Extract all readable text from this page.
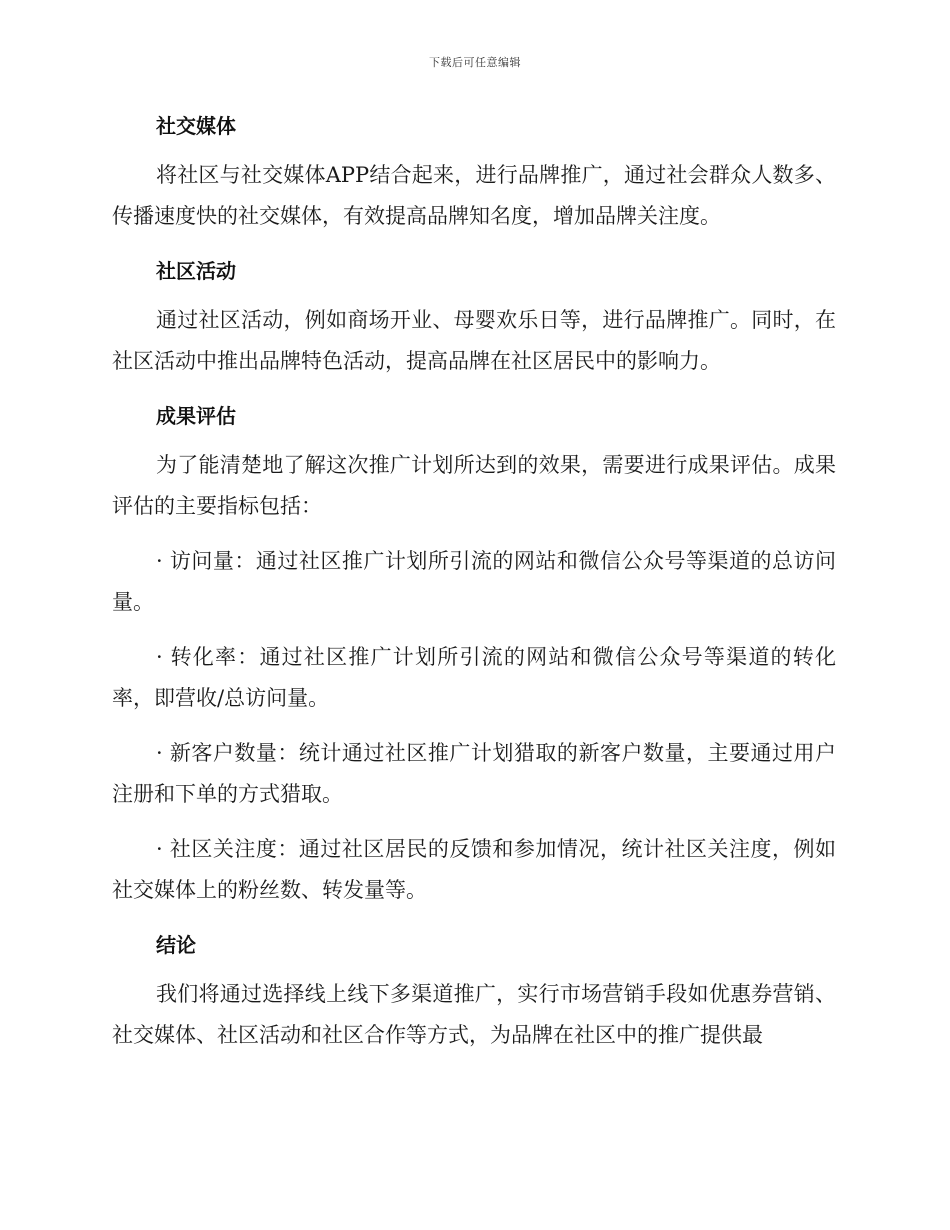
下载后可任意编辑
社交媒体

将社区与社交媒体APP结合起来，进行品牌推广，通过社会群众人数多、传播速度快的社交媒体，有效提高品牌知名度，增加品牌关注度。

社区活动

通过社区活动，例如商场开业、母婴欢乐日等，进行品牌推广。同时，在社区活动中推出品牌特色活动，提高品牌在社区居民中的影响力。

成果评估

为了能清楚地了解这次推广计划所达到的效果，需要进行成果评估。成果评估的主要指标包括：

· 访问量：通过社区推广计划所引流的网站和微信公众号等渠道的总访问量。

· 转化率：通过社区推广计划所引流的网站和微信公众号等渠道的转化率，即营收/总访问量。

· 新客户数量：统计通过社区推广计划猎取的新客户数量，主要通过用户注册和下单的方式猎取。

· 社区关注度：通过社区居民的反馈和参加情况，统计社区关注度，例如社交媒体上的粉丝数、转发量等。

结论

我们将通过选择线上线下多渠道推广，实行市场营销手段如优惠券营销、社交媒体、社区活动和社区合作等方式，为品牌在社区中的推广提供最
